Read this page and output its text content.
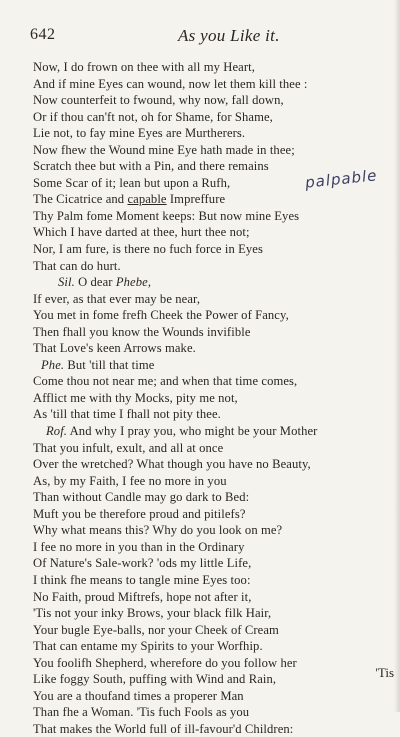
642	As you Like it.
Now, I do frown on thee with all my Heart,
And if mine Eyes can wound, now let them kill thee :
Now counterfeit to fwound, why now, fall down,
Or if thou can'ft not, oh for Shame, for Shame,
Lie not, to fay mine Eyes are Murtherers.
Now fhew the Wound mine Eye hath made in thee;
Scratch thee but with a Pin, and there remains
Some Scar of it; lean but upon a Rufh,
The Cicatrice and capable Impreffure
Thy Palm fome Moment keeps: But now mine Eyes
Which I have darted at thee, hurt thee not;
Nor, I am fure, is there no fuch force in Eyes
That can do hurt.
Sil. O dear Phebe,
If ever, as that ever may be near,
You met in fome frefh Cheek the Power of Fancy,
Then fhall you know the Wounds invifible
That Love's keen Arrows make.
Phe. But 'till that time
Come thou not near me; and when that time comes,
Afflict me with thy Mocks, pity me not,
As 'till that time I fhall not pity thee.
Rof. And why I pray you, who might be your Mother
That you infult, exult, and all at once
Over the wretched? What though you have no Beauty,
As, by my Faith, I fee no more in you
Than without Candle may go dark to Bed:
Muft you be therefore proud and pitilefs?
Why what means this? Why do you look on me?
I fee no more in you than in the Ordinary
Of Nature's Sale-work? 'ods my little Life,
I think fhe means to tangle mine Eyes too:
No Faith, proud Miftrefs, hope not after it,
'Tis not your inky Brows, your black filk Hair,
Your bugle Eye-balls, nor your Cheek of Cream
That can entame my Spirits to your Worfhip.
You foolifh Shepherd, wherefore do you follow her
Like foggy South, puffing with Wind and Rain,
You are a thoufand times a properer Man
Than fhe a Woman. 'Tis fuch Fools as you
That makes the World full of ill-favour'd Children:
palpable
'Tis
